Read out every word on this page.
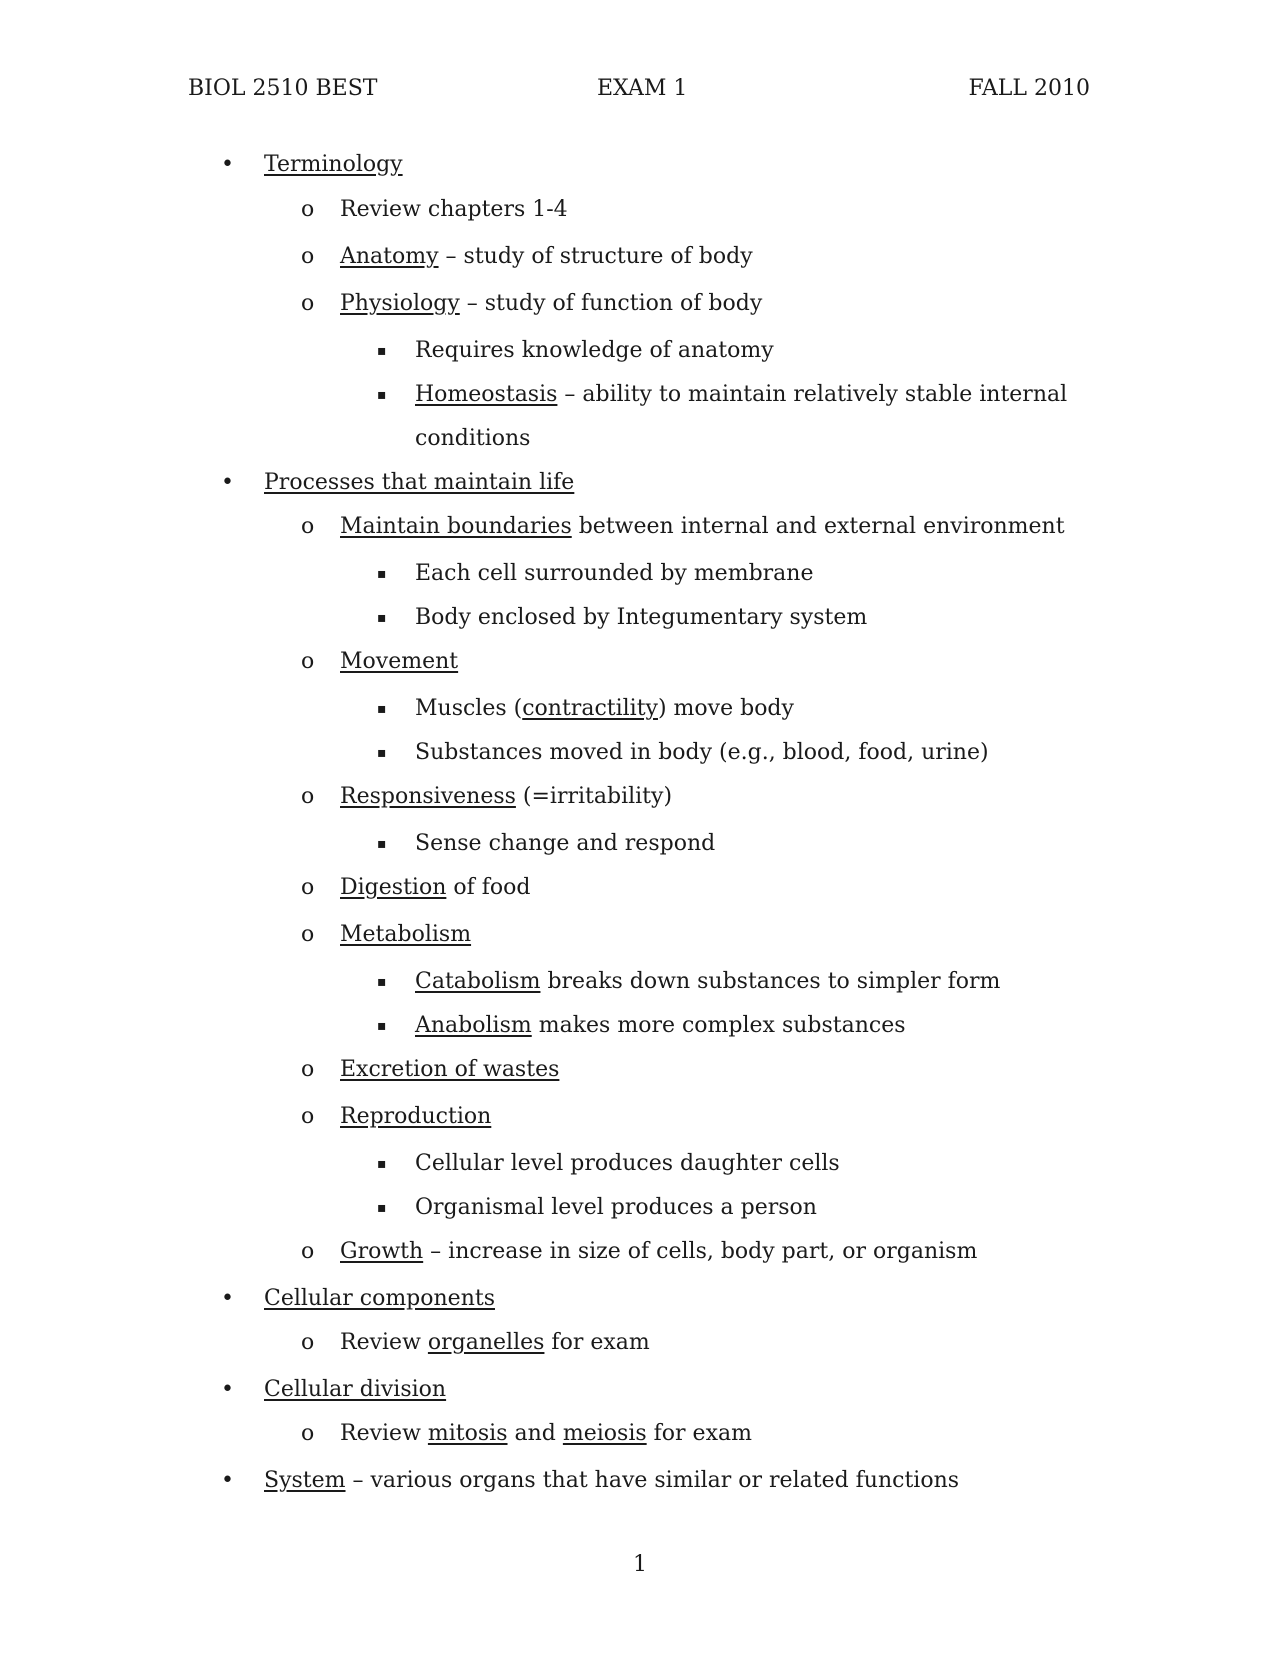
BIOL 2510 BEST	EXAM 1	FALL 2010
• Terminology
o Review chapters 1-4
o Anatomy – study of structure of body
o Physiology – study of function of body
▪ Requires knowledge of anatomy
▪ Homeostasis – ability to maintain relatively stable internal
conditions
• Processes that maintain life
o Maintain boundaries between internal and external environment
▪ Each cell surrounded by membrane
▪ Body enclosed by Integumentary system
o Movement
▪ Muscles (contractility) move body
▪ Substances moved in body (e.g., blood, food, urine)
o Responsiveness (=irritability)
▪ Sense change and respond
o Digestion of food
o Metabolism
▪ Catabolism breaks down substances to simpler form
▪ Anabolism makes more complex substances
o Excretion of wastes
o Reproduction
▪ Cellular level produces daughter cells
▪ Organismal level produces a person
o Growth – increase in size of cells, body part, or organism
• Cellular components
o Review organelles for exam
• Cellular division
o Review mitosis and meiosis for exam
• System – various organs that have similar or related functions
1
